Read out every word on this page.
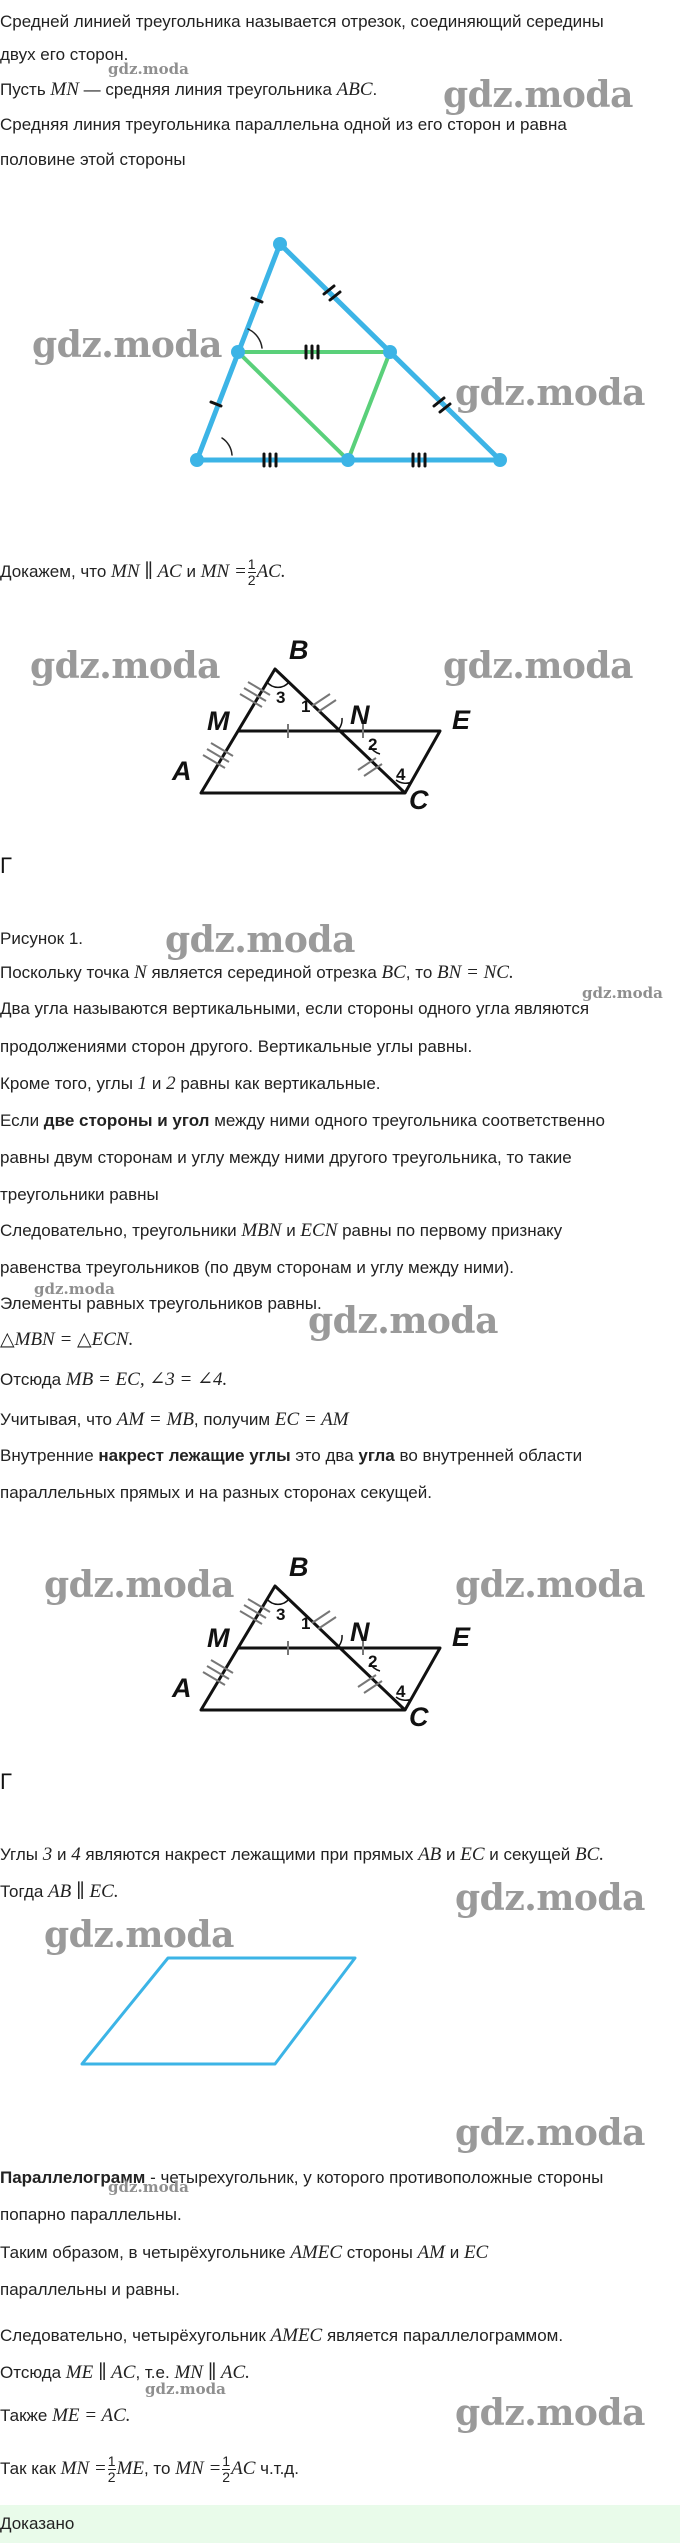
Средней линией треугольника называется отрезок, соединяющий середины
двух его сторон.
Пусть MN — средняя линия треугольника ABC.
Средняя линия треугольника параллельна одной из его сторон и равна
половине этой стороны
gdz.moda
gdz.moda
gdz.moda
gdz.moda
Докажем, что MN ∥ AC и MN = $\frac{1}{2}$ AC.
B
M	N	E
A
C
3 1
2
4
gdz.moda	gdz.moda
Г
Рисунок 1.	gdz.moda
Поскольку точка N является серединой отрезка BC, то BN = NC.
gdz.moda
Два угла называются вертикальными, если стороны одного угла являются
продолжениями сторон другого. Вертикальные углы равны.
Кроме того, углы 1 и 2 равны как вертикальные.
Если две стороны и угол между ними одного треугольника соответственно
равны двум сторонам и углу между ними другого треугольника, то такие
треугольники равны
Следовательно, треугольники MBN и ECN равны по первому признаку
равенства треугольников (по двум сторонам и углу между ними).
gdz.moda
Элементы равных треугольников равны.
△MBN = △ECN.	gdz.moda
Отсюда MB = EC, ∠3 = ∠4.
Учитывая, что AM = MB, получим EC = AM
Внутренние накрест лежащие углы это два угла во внутренней области
параллельных прямых и на разных сторонах секущей.
B
M	N	E
A
C
3 1
2
4
gdz.moda	gdz.moda
Г
Углы 3 и 4 являются накрест лежащими при прямых AB и EC и секущей BC.
Тогда AB ∥ EC.	gdz.moda
gdz.moda
gdz.moda
Параллелограмм - четырехугольник, у которого противоположные стороны
gdz.moda
попарно параллельны.
Таким образом, в четырёхугольнике AMEC стороны AM и EC
параллельны и равны.
Следовательно, четырёхугольник AMEC является параллелограммом.
Отсюда ME ∥ AC, т.е. MN ∥ AC.
gdz.moda
Также ME = AC.	gdz.moda
Так как MN = $\frac{1}{2}$ ME, то MN = $\frac{1}{2}$ AC ч.т.д.
Доказано
